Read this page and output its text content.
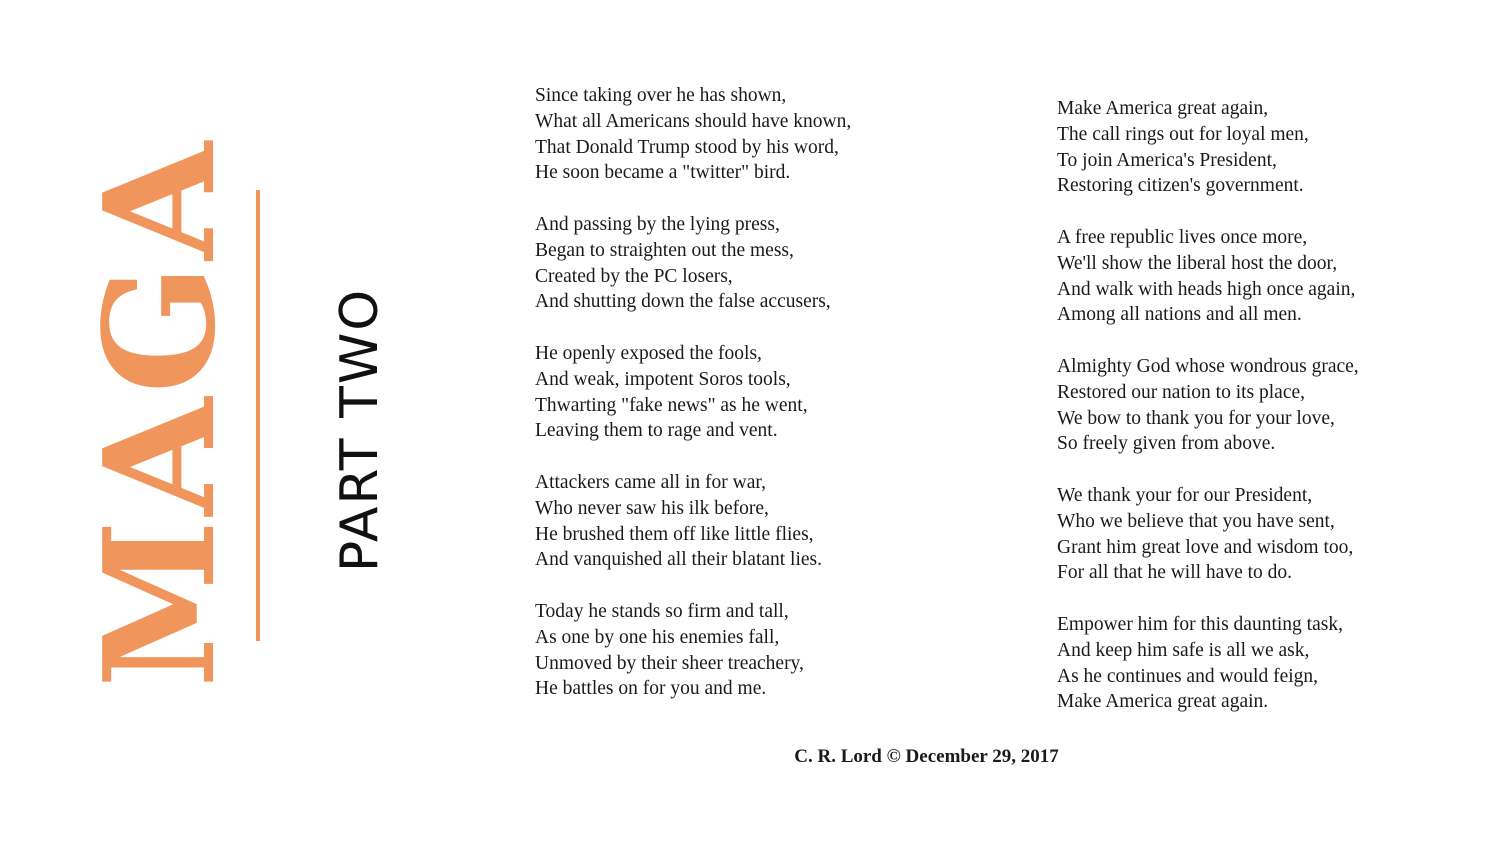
MAGA PART TWO
Since taking over he has shown,
What all Americans should have known,
That Donald Trump stood by his word,
He soon became a "twitter" bird.
And passing by the lying press,
Began to straighten out the mess,
Created by the PC losers,
And shutting down the false accusers,
He openly exposed the fools,
And weak, impotent Soros tools,
Thwarting "fake news" as he went,
Leaving them to rage and vent.
Attackers came all in for war,
Who never saw his ilk before,
He brushed them off like little flies,
And vanquished all their blatant lies.
Today he stands so firm and tall,
As one by one his enemies fall,
Unmoved by their sheer treachery,
He battles on for you and me.
Make America great again,
The call rings out for loyal men,
To join America's President,
Restoring citizen's government.
A free republic lives once more,
We'll show the liberal host the door,
And walk with heads high once again,
Among all nations and all men.
Almighty God whose wondrous grace,
Restored our nation to its place,
We bow to thank you for your love,
So freely given from above.
We thank your for our President,
Who we believe that you have sent,
Grant him great love and wisdom too,
For all that he will have to do.
Empower him for this daunting task,
And keep him safe is all we ask,
As he continues and would feign,
Make America great again.
C. R. Lord © December 29, 2017
